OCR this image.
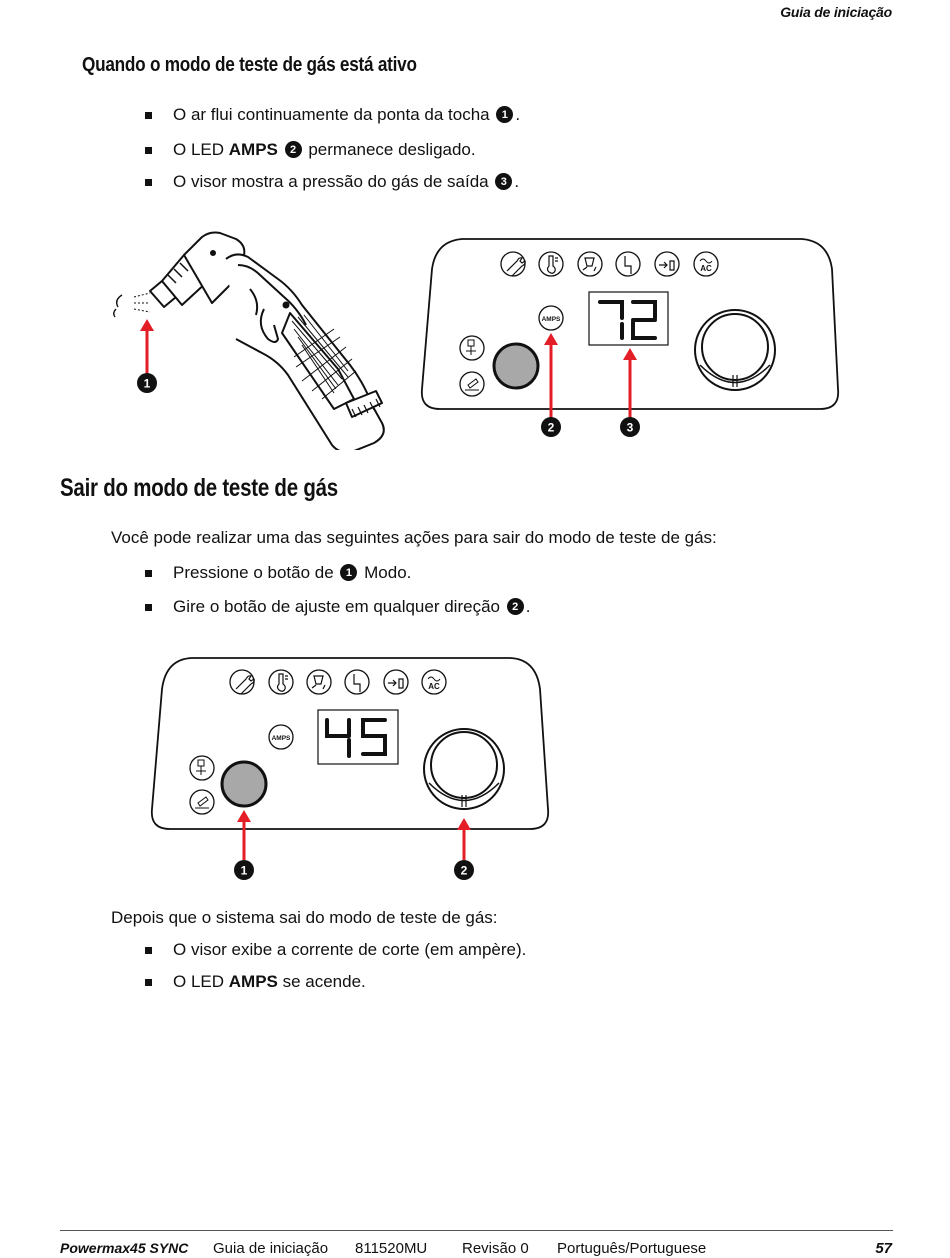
Guia de iniciação
Quando o modo de teste de gás está ativo
O ar flui continuamente da ponta da tocha 1 .
O LED AMPS 2 permanece desligado.
O visor mostra a pressão do gás de saída 3 .
1
AC
AMPS
2	3
Sair do modo de teste de gás
Você pode realizar uma das seguintes ações para sair do modo de teste de gás:
Pressione o botão de 1 Modo.
Gire o botão de ajuste em qualquer direção 2 .
AC
AMPS
1	2
Depois que o sistema sai do modo de teste de gás:
O visor exibe a corrente de corte (em ampère).
O LED AMPS se acende.
Powermax45 SYNC Guia de iniciação 811520MU Revisão 0 Português/Portuguese	57
